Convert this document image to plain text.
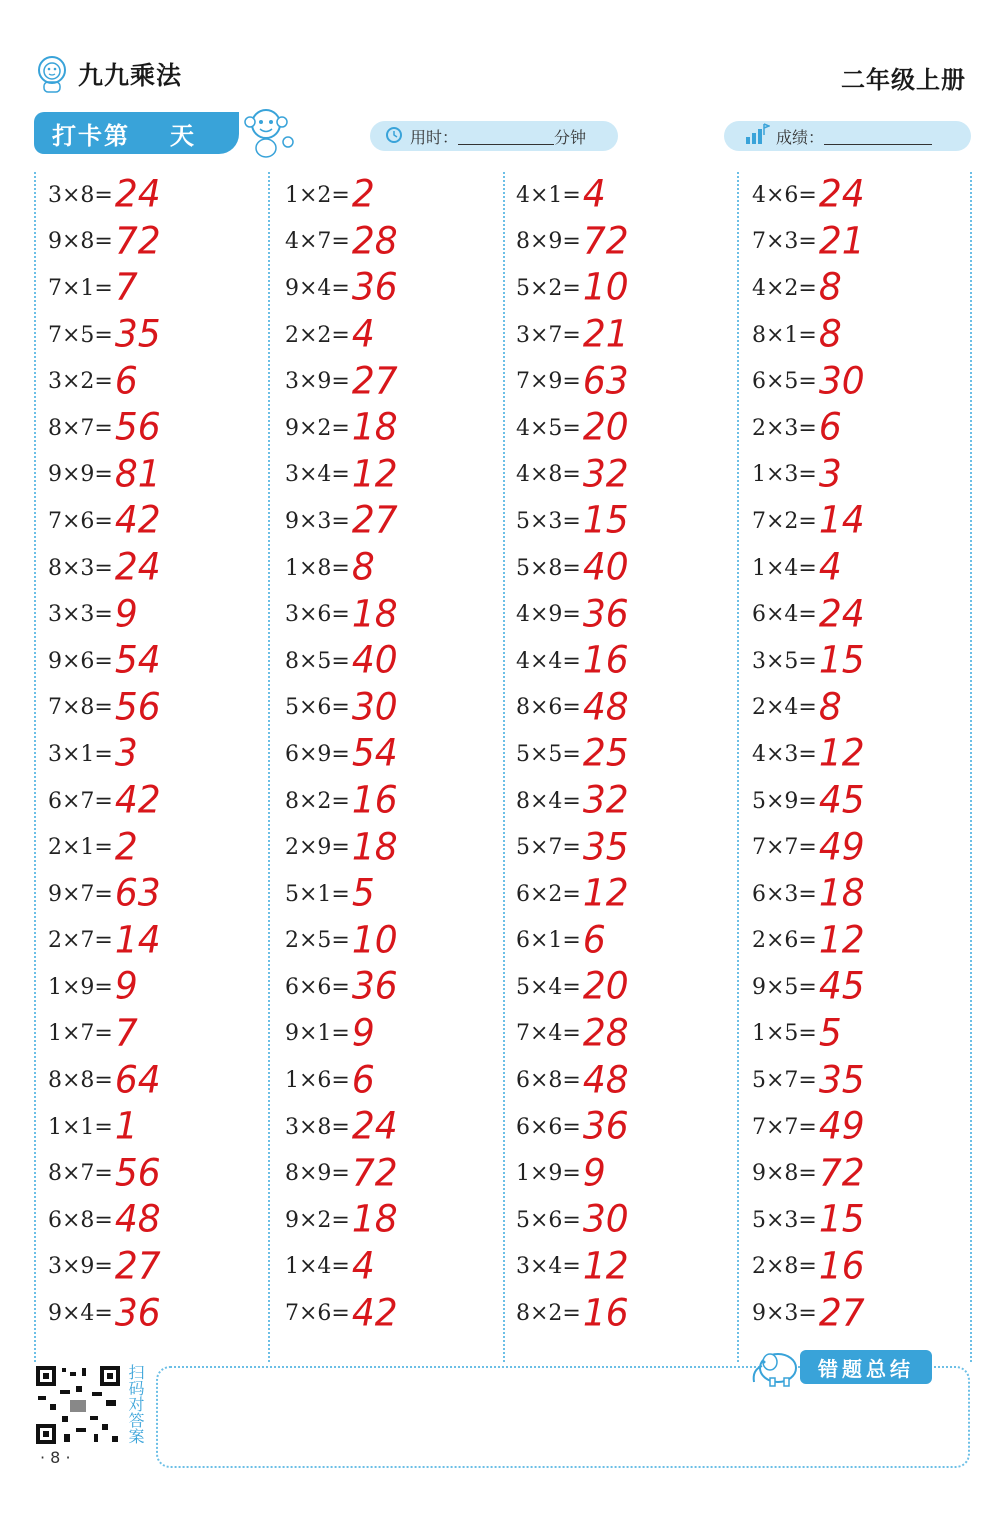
九九乘法	二年级上册
打卡第 天	用时：	分钟	成绩：
3×8= 24
9×8= 72
7×1= 7
7×5= 35
3×2= 6
8×7= 56
9×9= 81
7×6= 42
8×3= 24
3×3= 9
9×6= 54
7×8= 56
3×1= 3
6×7= 42
2×1= 2
9×7= 63
2×7= 14
1×9= 9
1×7= 7
8×8= 64
1×1= 1
8×7= 56
6×8= 48
3×9= 27
9×4= 36
1×2= 2
4×7= 28
9×4= 36
2×2= 4
3×9= 27
9×2= 18
3×4= 12
9×3= 27
1×8= 8
3×6= 18
8×5= 40
5×6= 30
6×9= 54
8×2= 16
2×9= 18
5×1= 5
2×5= 10
6×6= 36
9×1= 9
1×6= 6
3×8= 24
8×9= 72
9×2= 18
1×4= 4
7×6= 42
4×1= 4
8×9= 72
5×2= 10
3×7= 21
7×9= 63
4×5= 20
4×8= 32
5×3= 15
5×8= 40
4×9= 36
4×4= 16
8×6= 48
5×5= 25
8×4= 32
5×7= 35
6×2= 12
6×1= 6
5×4= 20
7×4= 28
6×8= 48
6×6= 36
1×9= 9
5×6= 30
3×4= 12
8×2= 16
4×6= 24
7×3= 21
4×2= 8
8×1= 8
6×5= 30
2×3= 6
1×3= 3
7×2= 14
1×4= 4
6×4= 24
3×5= 15
2×4= 8
4×3= 12
5×9= 45
7×7= 49
6×3= 18
2×6= 12
9×5= 45
1×5= 5
5×7= 35
7×7= 49
9×8= 72
5×3= 15
2×8= 16
9×3= 27
扫码对答案
· 8 ·
错题总结
